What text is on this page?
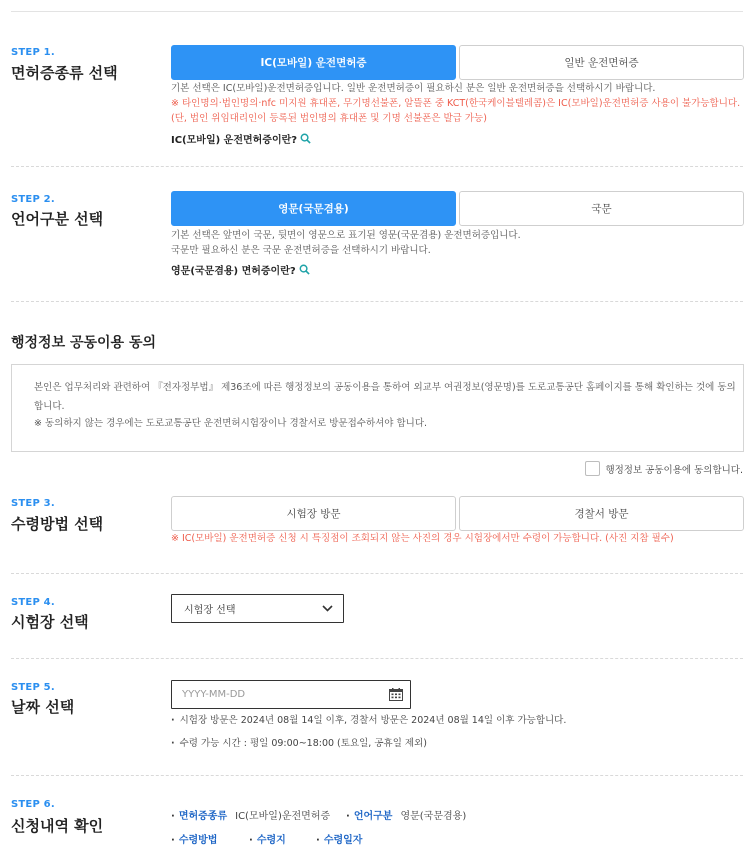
STEP 1.
면허증종류 선택
IC(모바일) 운전면허증	일반 운전면허증
기본 선택은 IC(모바일)운전면허증입니다. 일반 운전면허증이 필요하신 분은 일반 운전면허증을 선택하시기 바랍니다.
※ 타인명의·법인명의·nfc 미지원 휴대폰, 무기명선불폰, 알뜰폰 중 KCT(한국케이블텔레콤)은 IC(모바일)운전면허증 사용이 불가능합니다.
(단, 법인 위임대리인이 등록된 법인명의 휴대폰 및 기명 선불폰은 발급 가능)
IC(모바일) 운전면허증이란?
STEP 2.
언어구분 선택
영문(국문겸용)	국문
기본 선택은 앞면이 국문, 뒷면이 영문으로 표기된 영문(국문겸용) 운전면허증입니다.
국문만 필요하신 분은 국문 운전면허증을 선택하시기 바랍니다.
영문(국문겸용) 면허증이란?
행정정보 공동이용 동의
본인은 업무처리와 관련하여 『전자정부법』 제36조에 따른 행정정보의 공동이용을 통하여 외교부 여권정보(영문명)를 도로교통공단 홈페이지를 통해 확인하는 것에 동의
합니다.
※ 동의하지 않는 경우에는 도로교통공단 운전면허시험장이나 경찰서로 방문접수하셔야 합니다.
행정정보 공동이용에 동의합니다.
STEP 3.
수령방법 선택
시험장 방문	경찰서 방문
※ IC(모바일) 운전면허증 신청 시 특징점이 조회되지 않는 사진의 경우 시험장에서만 수령이 가능합니다. (사진 지참 필수)
STEP 4.
시험장 선택
시험장 선택
STEP 5.
날짜 선택
YYYY-MM-DD
· 시험장 방문은 2024년 08월 14일 이후, 경찰서 방문은 2024년 08월 14일 이후 가능합니다.
· 수령 가능 시간 : 평일 09:00~18:00 (토요일, 공휴일 제외)
STEP 6.
신청내역 확인
· 면허증종류 IC(모바일)운전면허증	· 언어구분 영문(국문겸용)
· 수령방법	· 수령지	· 수령일자
